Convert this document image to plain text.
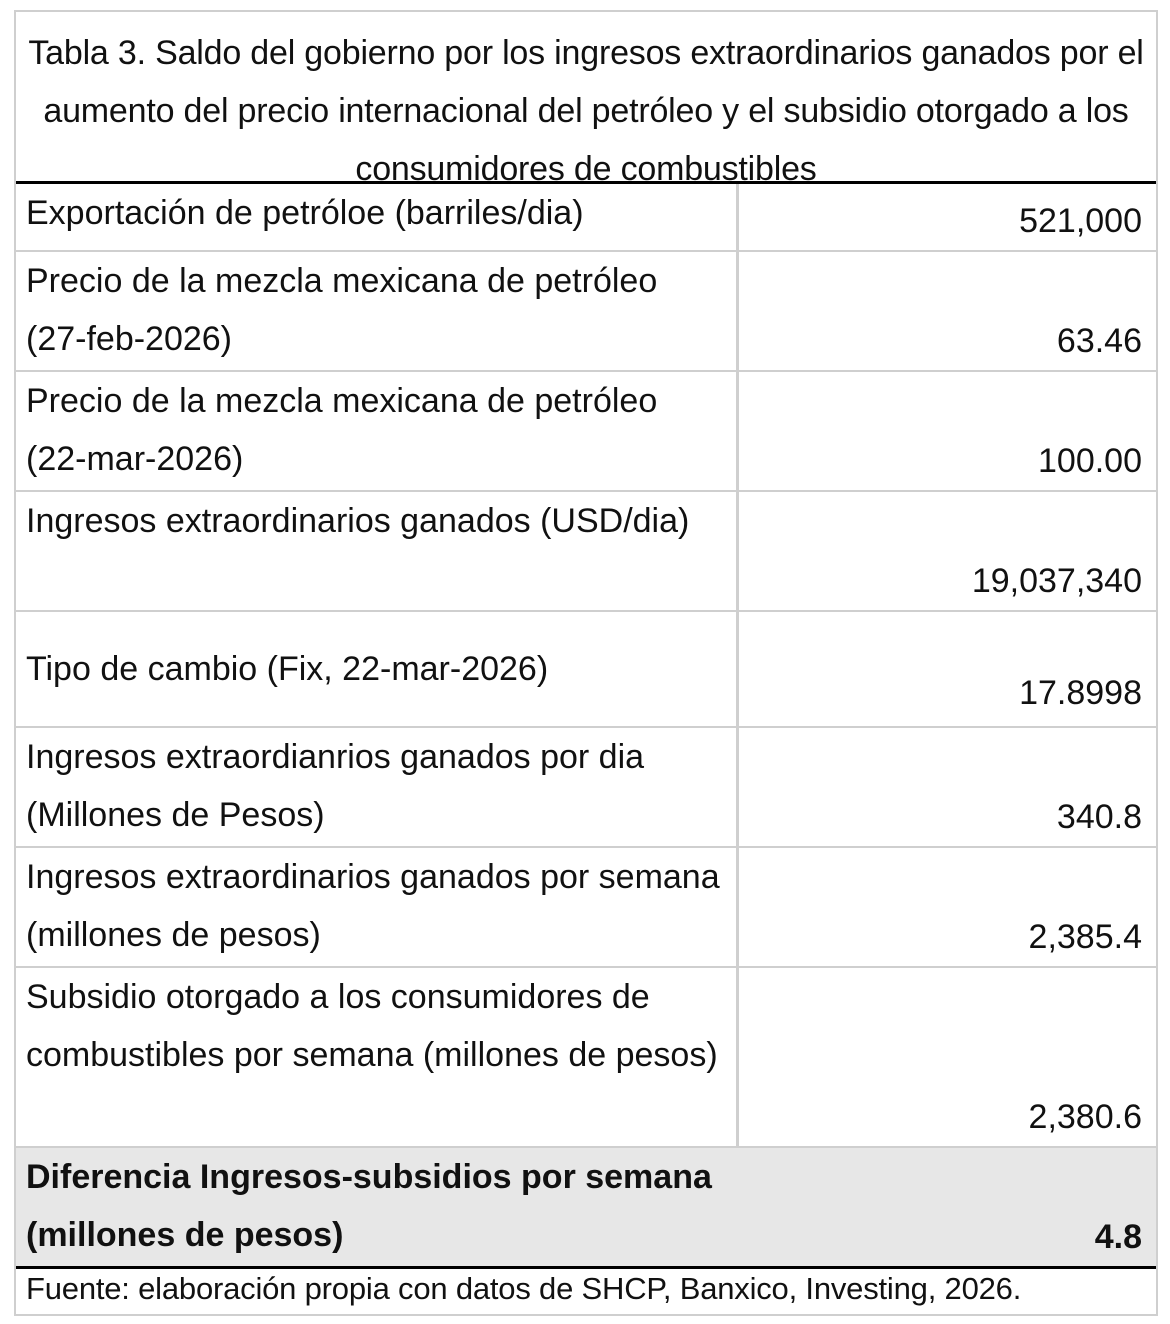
Tabla 3. Saldo del gobierno por los ingresos extraordinarios ganados por el aumento del precio internacional del petróleo y el subsidio otorgado a los consumidores de combustibles
Exportación de petróloe (barriles/dia)	521,000
Precio de la mezcla mexicana de petróleo (27-feb-2026)	63.46
Precio de la mezcla mexicana de petróleo (22-mar-2026)	100.00
Ingresos extraordinarios ganados (USD/dia)	19,037,340
Tipo de cambio (Fix, 22-mar-2026)	17.8998
Ingresos extraordianrios ganados por dia (Millones de Pesos)	340.8
Ingresos extraordinarios ganados por semana (millones de pesos)	2,385.4
Subsidio otorgado a los consumidores de combustibles por semana (millones de pesos)	2,380.6
Diferencia Ingresos-subsidios por semana (millones de pesos)	4.8
Fuente: elaboración propia con datos de SHCP, Banxico, Investing, 2026.
